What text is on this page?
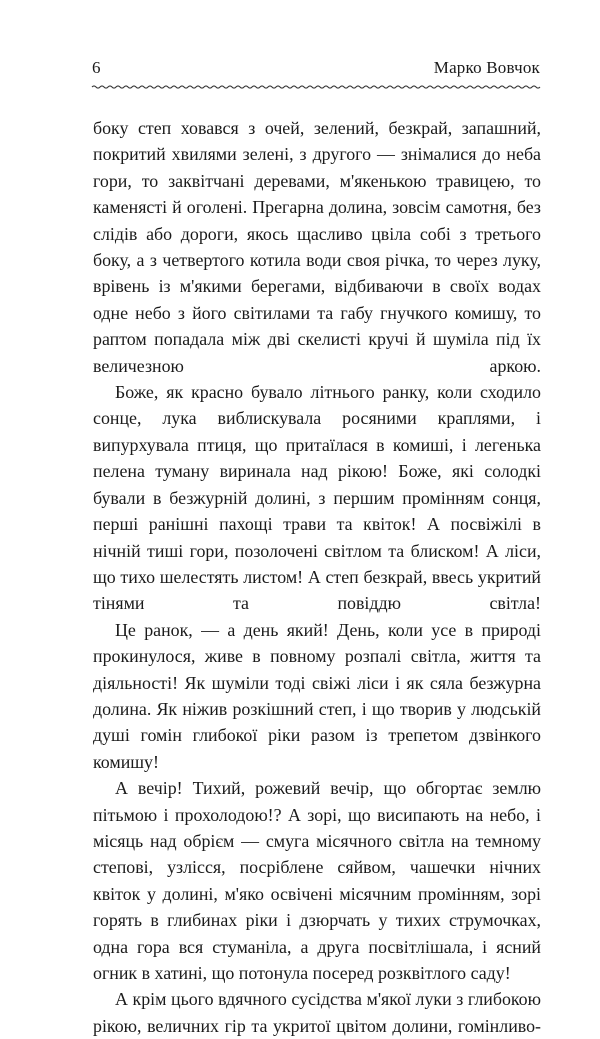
6	Марко Вовчок

боку степ ховався з очей, зелений, безкрай, запашний, покритий хвилями зелені, з другого — знімалися до неба гори, то заквітчані деревами, м'якенькою травицею, то каменясті й оголені. Прегарна долина, зовсім самотня, без слідів або дороги, якось щасливо цвіла собі з третього боку, а з четвертого котила води своя річка, то через луку, врівень із м'якими берегами, відбиваючи в своїх водах одне небо з його світилами та габу гнучкого комишу, то раптом попадала між дві скелисті кручі й шуміла під їх величезною аркою.

Боже, як красно бувало літнього ранку, коли сходило сонце, лука виблискувала росяними краплями, і випурхувала птиця, що притаїлася в комиші, і легенька пелена туману виринала над рікою! Боже, які солодкі бували в безжурній долині, з першим промінням сонця, перші ранішні пахощі трави та квіток! А посвіжілі в нічній тиші гори, позолочені світлом та блиском! А ліси, що тихо шелестять листом! А степ безкрай, ввесь укритий тінями та повіддю світла!

Це ранок, — а день який! День, коли усе в природі прокинулося, живе в повному розпалі світла, життя та діяльності! Як шуміли тоді свіжі ліси і як сяла безжурна долина. Як ніжив розкішний степ, і що творив у людській душі гомін глибокої ріки разом із трепетом дзвінкого комишу!

А вечір! Тихий, рожевий вечір, що обгортає землю пітьмою і прохолодою!? А зорі, що висипають на небо, і місяць над обрієм — смуга місячного світла на темному степові, узлісся, посріблене сяйвом, чашечки нічних квіток у долині, м'яко освічені місячним промінням, зорі горять в глибинах ріки і дзюрчать у тихих струмочках, одна гора вся стуманіла, а друга посвітлішала, і ясний огник в хатині, що потонула посеред розквітлого саду!

А крім цього вдячного сусідства м'якої луки з глибокою рікою, величних гір та укритої цвітом долини, гомінливо-
